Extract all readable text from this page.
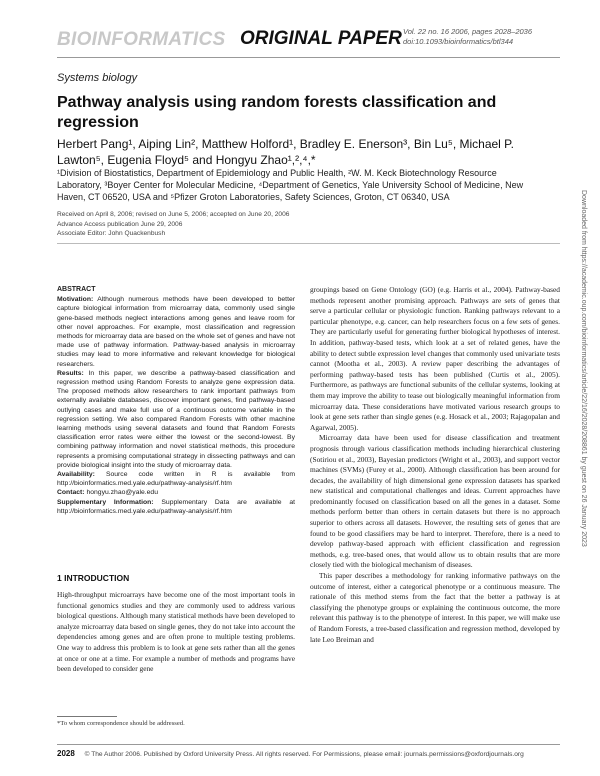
BIOINFORMATICS ORIGINAL PAPER Vol. 22 no. 16 2006, pages 2028–2036
doi:10.1093/bioinformatics/btl344
Systems biology
Pathway analysis using random forests classification and regression
Herbert Pang¹, Aiping Lin², Matthew Holford¹, Bradley E. Enerson³, Bin Lu⁵, Michael P. Lawton⁵, Eugenia Floyd⁵ and Hongyu Zhao¹,²,⁴,*
¹Division of Biostatistics, Department of Epidemiology and Public Health, ²W. M. Keck Biotechnology Resource Laboratory, ³Boyer Center for Molecular Medicine, ⁴Department of Genetics, Yale University School of Medicine, New Haven, CT 06520, USA and ⁵Pfizer Groton Laboratories, Safety Sciences, Groton, CT 06340, USA
Received on April 8, 2006; revised on June 5, 2006; accepted on June 20, 2006
Advance Access publication June 29, 2006
Associate Editor: John Quackenbush	Downloaded from https://academic.oup.com/bioinformatics/article/22/16/2028/208861 by guest on 26 January 2023

ABSTRACT

Motivation: Although numerous methods have been developed to better capture biological information from microarray data, commonly used single gene-based methods neglect interactions among genes and leave room for other novel approaches. For example, most classification and regression methods for microarray data are based on the whole set of genes and have not made use of pathway information. Pathway-based analysis in microarray studies may lead to more informative and relevant knowledge for biological researchers.

Results: In this paper, we describe a pathway-based classification and regression method using Random Forests to analyze gene expression data. The proposed methods allow researchers to rank important pathways from externally available databases, discover important genes, find pathway-based outlying cases and make full use of a continuous outcome variable in the regression setting. We also compared Random Forests with other machine learning methods using several datasets and found that Random Forests classification error rates were either the lowest or the second-lowest. By combining pathway information and novel statistical methods, this procedure represents a promising computational strategy in dissecting pathways and can provide biological insight into the study of microarray data.

Availability: Source code written in R is available from http://bioinformatics.med.yale.edu/pathway-analysis/rf.htm

Contact: hongyu.zhao@yale.edu

Supplementary Information: Supplementary Data are available at http://bioinformatics.med.yale.edu/pathway-analysis/rf.htm

1 INTRODUCTION

High-throughput microarrays have become one of the most important tools in functional genomics studies and they are commonly used to address various biological questions. Although many statistical methods have been developed to analyze microarray data based on single genes, they do not take into account the dependencies among genes and are often prone to multiple testing problems. One way to address this problem is to look at gene sets rather than all the genes at once or one at a time. For example a number of methods and programs have been developed to consider gene

*To whom correspondence should be addressed.

groupings based on Gene Ontology (GO) (e.g. Harris et al., 2004). Pathway-based methods represent another promising approach. Pathways are sets of genes that serve a particular cellular or physiologic function. Ranking pathways relevant to a particular phenotype, e.g. cancer, can help researchers focus on a few sets of genes. They are particularly useful for generating further biological hypotheses of interest. In addition, pathway-based tests, which look at a set of related genes, have the ability to detect subtle expression level changes that commonly used univariate tests cannot (Mootha et al., 2003). A review paper describing the advantages of performing pathway-based tests has been published (Curtis et al., 2005). Furthermore, as pathways are functional subunits of the cellular systems, looking at them may improve the ability to tease out biologically meaningful information from microarray data. These considerations have motivated various research groups to look at gene sets rather than single genes (e.g. Hosack et al., 2003; Rajagopalan and Agarwal, 2005).

Microarray data have been used for disease classification and treatment prognosis through various classification methods including hierarchical clustering (Sotiriou et al., 2003), Bayesian predictors (Wright et al., 2003), and support vector machines (SVMs) (Furey et al., 2000). Although classification has been around for decades, the availability of high dimensional gene expression datasets has sparked new statistical and computational challenges and ideas. Current approaches have predominantly focused on classification based on all the genes in a dataset. Some methods perform better than others in certain datasets but there is no approach superior to others across all datasets. However, the resulting sets of genes that are found to be good classifiers may be hard to interpret. Therefore, there is a need to develop pathway-based approach with efficient classification and regression methods, e.g. tree-based ones, that would allow us to obtain results that are more closely tied with the biological mechanism of diseases.

This paper describes a methodology for ranking informative pathways on the outcome of interest, either a categorical phenotype or a continuous measure. The rationale of this method stems from the fact that the better a pathway is at classifying the phenotype groups or explaining the continuous outcome, the more relevant this pathway is to the phenotype of interest. In this paper, we will make use of Random Forests, a tree-based classification and regression method, developed by late Leo Breiman and

2028 © The Author 2006. Published by Oxford University Press. All rights reserved. For Permissions, please email: journals.permissions@oxfordjournals.org
